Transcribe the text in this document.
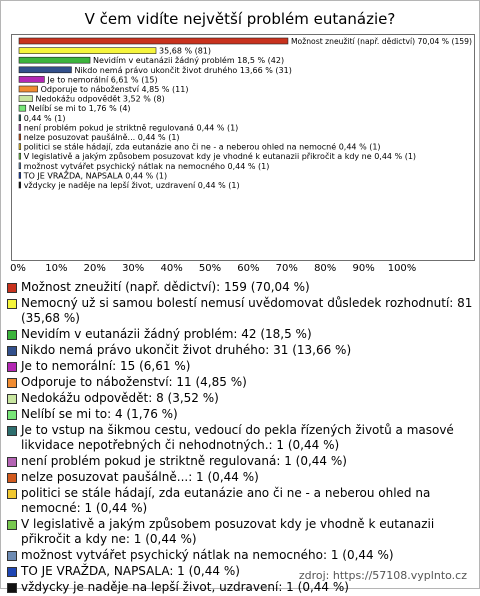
V čem vidíte největší problém eutanázie?
Možnost zneužití (např. dědictví) 70,04 % (159)
35,68 % (81)
Nevidím v eutanázii žádný problém 18,5 % (42)
Nikdo nemá právo ukončit život druhého 13,66 % (31)
Je to nemorální 6,61 % (15)
Odporuje to náboženství 4,85 % (11)
Nedokážu odpovědět 3,52 % (8)
Nelíbí se mi to 1,76 % (4)
0,44 % (1)
není problém pokud je striktně regulovaná 0,44 % (1)
nelze posuzovat paušálně... 0,44 % (1)
politici se stále hádají, zda eutanázie ano či ne - a neberou ohled na nemocné 0,44 % (1)
V legislativě a jakým způsobem posuzovat kdy je vhodné k eutanazii přikročit a kdy ne 0,44 % (1)
možnost vytvářet psychický nátlak na nemocného 0,44 % (1)
TO JE VRAŽDA, NAPSALA 0,44 % (1)
vždycky je naděje na lepší život, uzdravení 0,44 % (1)
0% 10% 20% 30% 40% 50% 60% 70% 80% 90% 100%
Možnost zneužití (např. dědictví): 159 (70,04 %)
Nemocný už si samou bolestí nemusí uvědomovat důsledek rozhodnutí: 81 (35,68 %)
Nevidím v eutanázii žádný problém: 42 (18,5 %)
Nikdo nemá právo ukončit život druhého: 31 (13,66 %)
Je to nemorální: 15 (6,61 %)
Odporuje to náboženství: 11 (4,85 %)
Nedokážu odpovědět: 8 (3,52 %)
Nelíbí se mi to: 4 (1,76 %)
Je to vstup na šikmou cestu, vedoucí do pekla řízených životů a masové likvidace nepotřebných či nehodnotných.: 1 (0,44 %)
není problém pokud je striktně regulovaná: 1 (0,44 %)
nelze posuzovat paušálně...: 1 (0,44 %)
politici se stále hádají, zda eutanázie ano či ne - a neberou ohled na nemocné: 1 (0,44 %)
V legislativě a jakým způsobem posuzovat kdy je vhodně k eutanazii přikročit a kdy ne: 1 (0,44 %)
možnost vytvářet psychický nátlak na nemocného: 1 (0,44 %)
TO JE VRAŽDA, NAPSALA: 1 (0,44 %)
vždycky je naděje na lepší život, uzdravení: 1 (0,44 %)
zdroj: https://57108.vyplnto.cz
